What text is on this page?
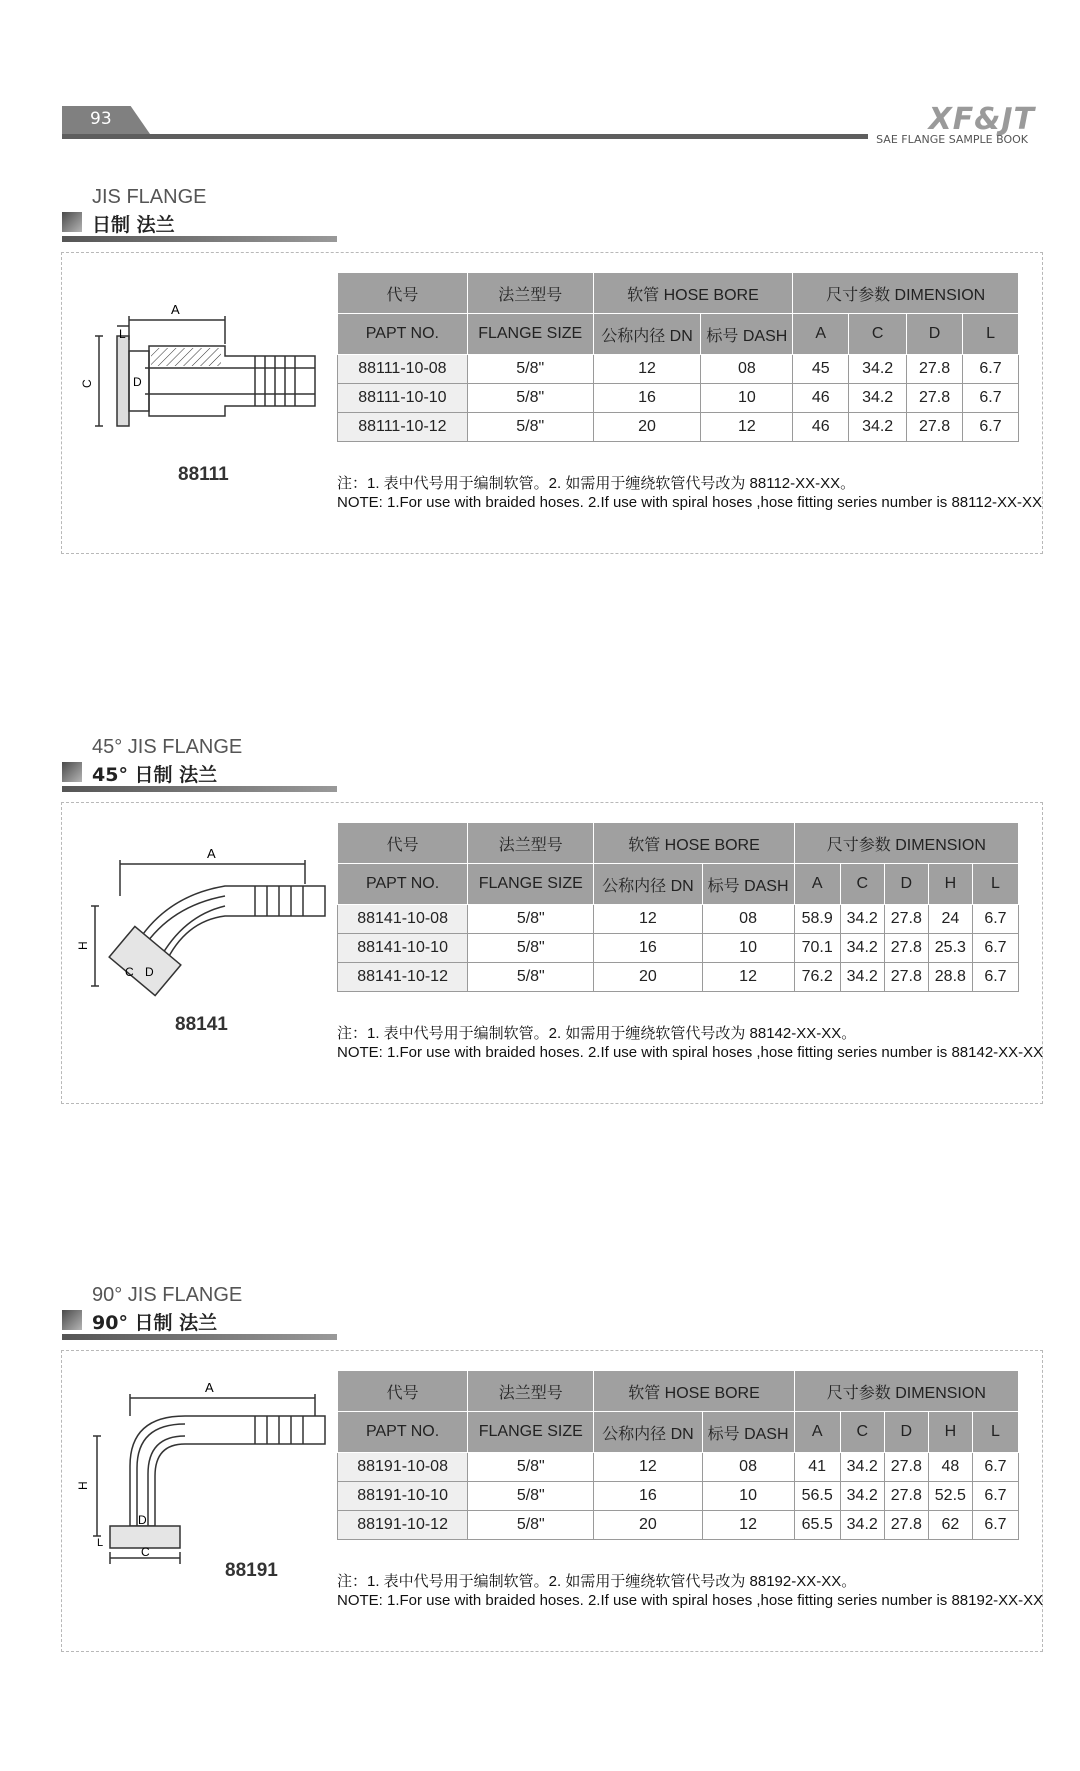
93	XF&JT
SAE FLANGE SAMPLE BOOK
JIS FLANGE
日制 法兰
A
L
C	D
88111
代号	法兰型号	软管 HOSE BORE		尺寸参数 DIMENSION			
PAPT NO.	FLANGE SIZE	公称内径 DN	标号 DASH	A	C	D	L
88111-10-08	5/8"	12	08	45	34.2	27.8	6.7
88111-10-10	5/8"	16	10	46	34.2	27.8	6.7
88111-10-12	5/8"	20	12	46	34.2	27.8	6.7
注：1. 表中代号用于编制软管。2. 如需用于缠绕软管代号改为 88112-XX-XX。
NOTE: 1.For use with braided hoses. 2.If use with spiral hoses ,hose fitting series number is 88112-XX-XX
45° JIS FLANGE
45° 日制 法兰
A
H
C D
88141
代号	法兰型号	软管 HOSE BORE		尺寸参数 DIMENSION				
PAPT NO.	FLANGE SIZE	公称内径 DN	标号 DASH	A	C	D	H	L
88141-10-08	5/8"	12	08	58.9	34.2	27.8	24	6.7
88141-10-10	5/8"	16	10	70.1	34.2	27.8	25.3	6.7
88141-10-12	5/8"	20	12	76.2	34.2	27.8	28.8	6.7
注：1. 表中代号用于编制软管。2. 如需用于缠绕软管代号改为 88142-XX-XX。
NOTE: 1.For use with braided hoses. 2.If use with spiral hoses ,hose fitting series number is 88142-XX-XX
90° JIS FLANGE
90° 日制 法兰
A
H
L
C
D
88191
代号	法兰型号	软管 HOSE BORE		尺寸参数 DIMENSION				
PAPT NO.	FLANGE SIZE	公称内径 DN	标号 DASH	A	C	D	H	L
88191-10-08	5/8"	12	08	41	34.2	27.8	48	6.7
88191-10-10	5/8"	16	10	56.5	34.2	27.8	52.5	6.7
88191-10-12	5/8"	20	12	65.5	34.2	27.8	62	6.7
注：1. 表中代号用于编制软管。2. 如需用于缠绕软管代号改为 88192-XX-XX。
NOTE: 1.For use with braided hoses. 2.If use with spiral hoses ,hose fitting series number is 88192-XX-XX
